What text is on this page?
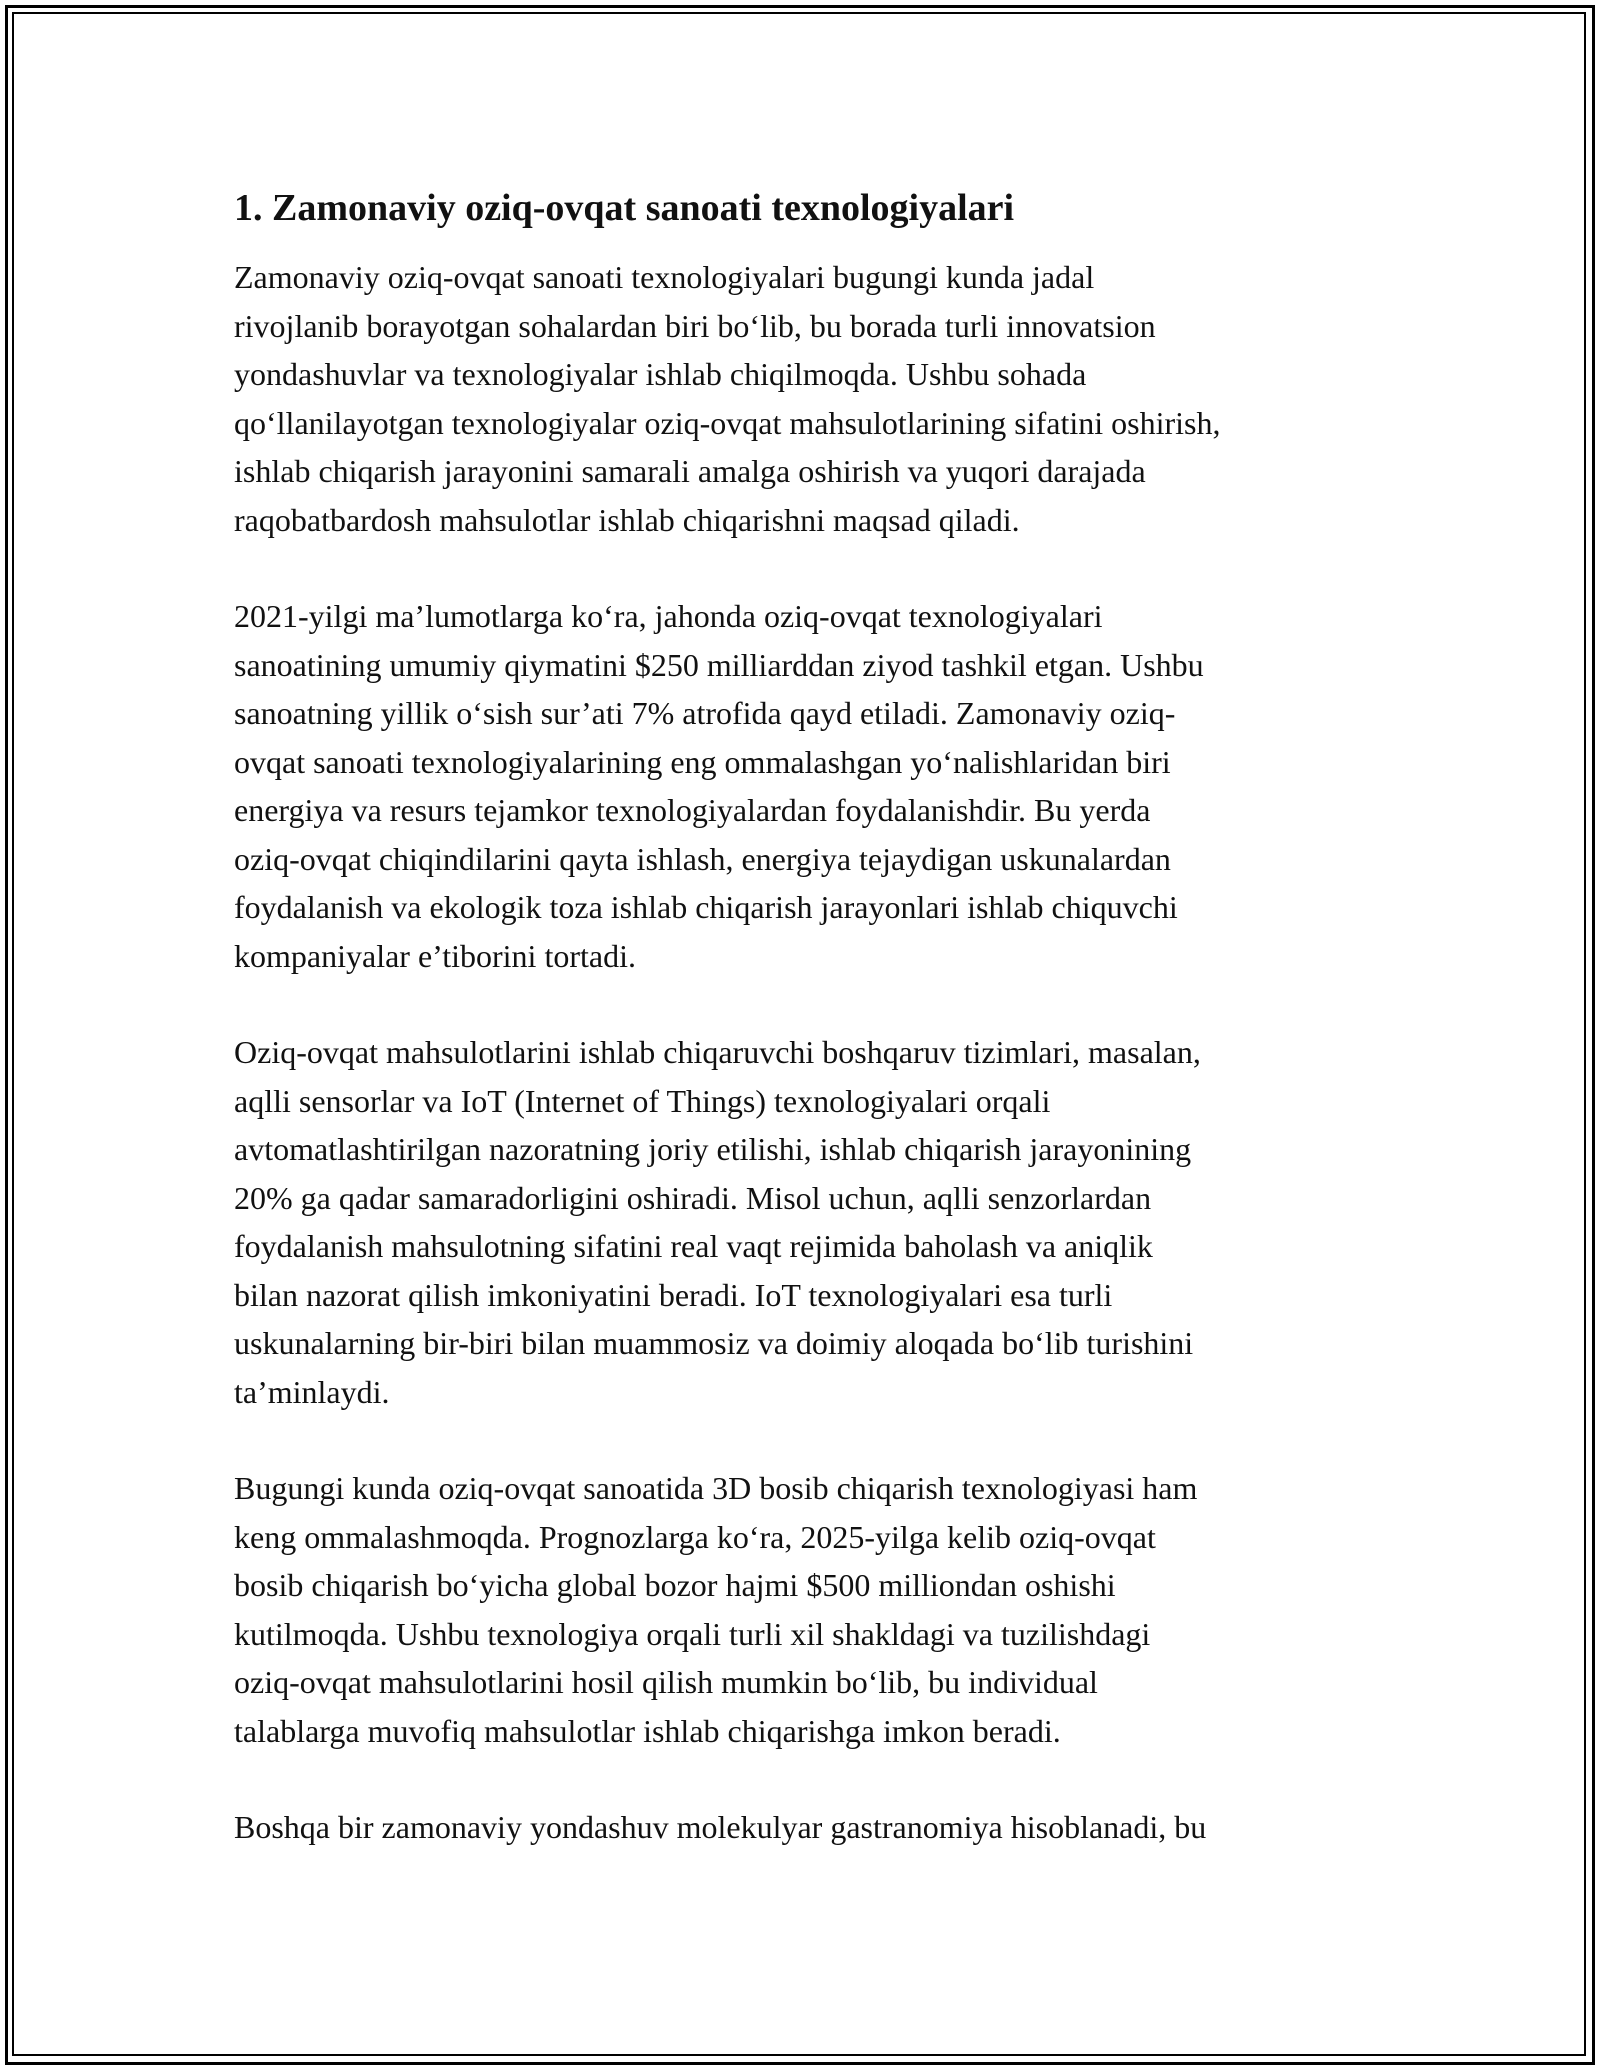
1. Zamonaviy oziq-ovqat sanoati texnologiyalari
Zamonaviy oziq-ovqat sanoati texnologiyalari bugungi kunda jadal
rivojlanib borayotgan sohalardan biri bo‘lib, bu borada turli innovatsion
yondashuvlar va texnologiyalar ishlab chiqilmoqda. Ushbu sohada
qo‘llanilayotgan texnologiyalar oziq-ovqat mahsulotlarining sifatini oshirish,
ishlab chiqarish jarayonini samarali amalga oshirish va yuqori darajada
raqobatbardosh mahsulotlar ishlab chiqarishni maqsad qiladi.
2021-yilgi ma’lumotlarga ko‘ra, jahonda oziq-ovqat texnologiyalari
sanoatining umumiy qiymatini $250 milliarddan ziyod tashkil etgan. Ushbu
sanoatning yillik o‘sish sur’ati 7% atrofida qayd etiladi. Zamonaviy oziq-
ovqat sanoati texnologiyalarining eng ommalashgan yo‘nalishlaridan biri
energiya va resurs tejamkor texnologiyalardan foydalanishdir. Bu yerda
oziq-ovqat chiqindilarini qayta ishlash, energiya tejaydigan uskunalardan
foydalanish va ekologik toza ishlab chiqarish jarayonlari ishlab chiquvchi
kompaniyalar e’tiborini tortadi.
Oziq-ovqat mahsulotlarini ishlab chiqaruvchi boshqaruv tizimlari, masalan,
aqlli sensorlar va IoT (Internet of Things) texnologiyalari orqali
avtomatlashtirilgan nazoratning joriy etilishi, ishlab chiqarish jarayonining
20% ga qadar samaradorligini oshiradi. Misol uchun, aqlli senzorlardan
foydalanish mahsulotning sifatini real vaqt rejimida baholash va aniqlik
bilan nazorat qilish imkoniyatini beradi. IoT texnologiyalari esa turli
uskunalarning bir-biri bilan muammosiz va doimiy aloqada bo‘lib turishini
ta’minlaydi.
Bugungi kunda oziq-ovqat sanoatida 3D bosib chiqarish texnologiyasi ham
keng ommalashmoqda. Prognozlarga ko‘ra, 2025-yilga kelib oziq-ovqat
bosib chiqarish bo‘yicha global bozor hajmi $500 milliondan oshishi
kutilmoqda. Ushbu texnologiya orqali turli xil shakldagi va tuzilishdagi
oziq-ovqat mahsulotlarini hosil qilish mumkin bo‘lib, bu individual
talablarga muvofiq mahsulotlar ishlab chiqarishga imkon beradi.
Boshqa bir zamonaviy yondashuv molekulyar gastranomiya hisoblanadi, bu
